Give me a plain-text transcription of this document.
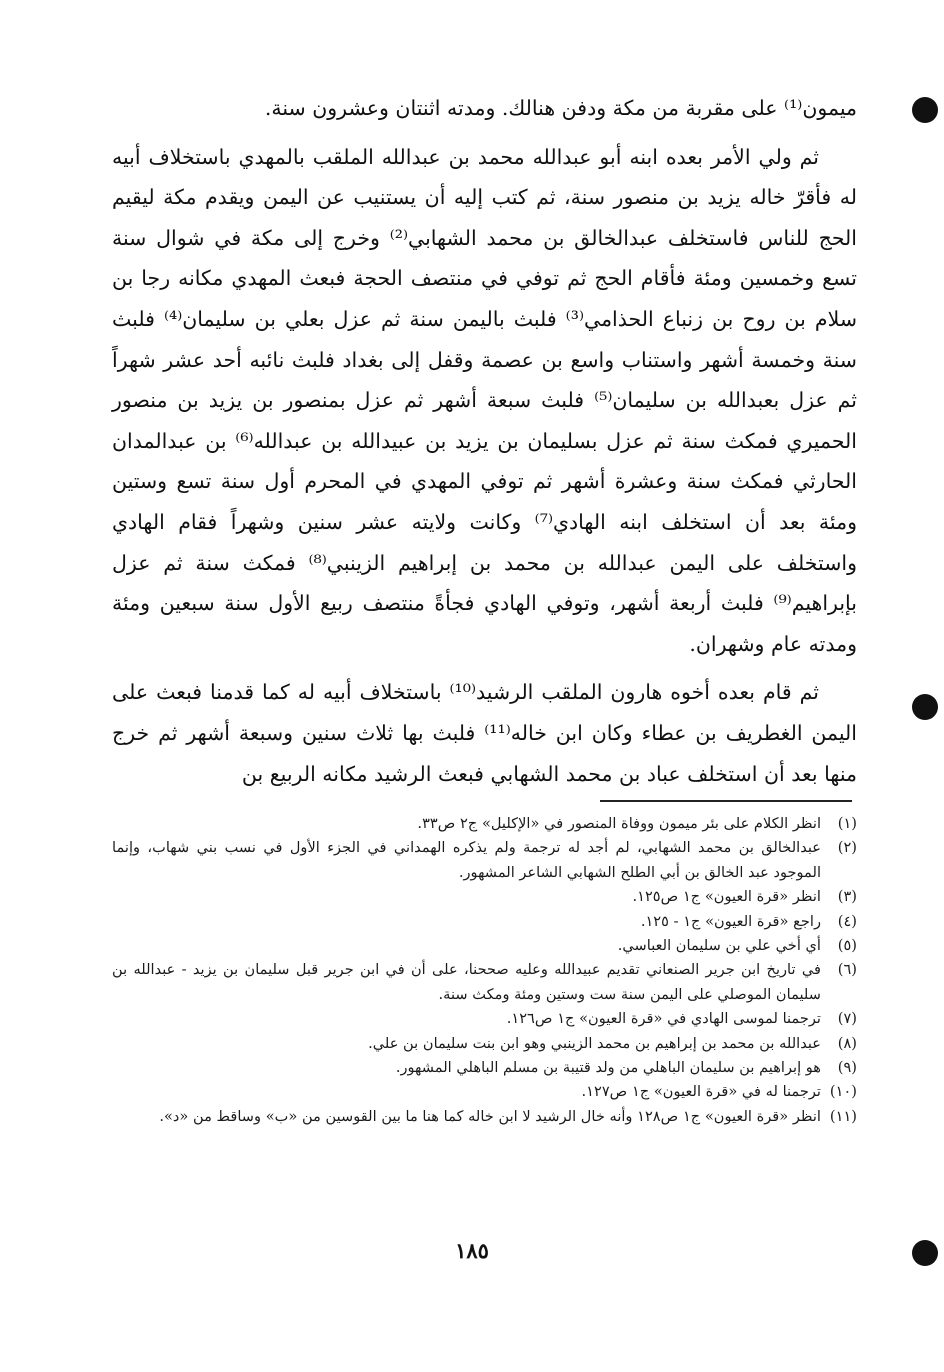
ميمون⁽¹⁾ على مقربة من مكة ودفن هنالك. ومدته اثنتان وعشرون سنة.

ثم ولي الأمر بعده ابنه أبو عبدالله محمد بن عبدالله الملقب بالمهدي باستخلاف أبيه له فأقرّ خاله يزيد بن منصور سنة، ثم كتب إليه أن يستنيب عن اليمن ويقدم مكة ليقيم الحج للناس فاستخلف عبدالخالق بن محمد الشهابي⁽²⁾ وخرج إلى مكة في شوال سنة تسع وخمسين ومئة فأقام الحج ثم توفي في منتصف الحجة فبعث المهدي مكانه رجا بن سلام بن روح بن زنباع الحذامي⁽³⁾ فلبث باليمن سنة ثم عزل بعلي بن سليمان⁽⁴⁾ فلبث سنة وخمسة أشهر واستناب واسع بن عصمة وقفل إلى بغداد فلبث نائبه أحد عشر شهراً ثم عزل بعبدالله بن سليمان⁽⁵⁾ فلبث سبعة أشهر ثم عزل بمنصور بن يزيد بن منصور الحميري فمكث سنة ثم عزل بسليمان بن يزيد بن عبيدالله بن عبدالله⁽⁶⁾ بن عبدالمدان الحارثي فمكث سنة وعشرة أشهر ثم توفي المهدي في المحرم أول سنة تسع وستين ومئة بعد أن استخلف ابنه الهادي⁽⁷⁾ وكانت ولايته عشر سنين وشهراً فقام الهادي واستخلف على اليمن عبدالله بن محمد بن إبراهيم الزينبي⁽⁸⁾ فمكث سنة ثم عزل بإبراهيم⁽⁹⁾ فلبث أربعة أشهر، وتوفي الهادي فجأةً منتصف ربيع الأول سنة سبعين ومئة ومدته عام وشهران.

ثم قام بعده أخوه هارون الملقب الرشيد⁽¹⁰⁾ باستخلاف أبيه له كما قدمنا فبعث على اليمن الغطريف بن عطاء وكان ابن خاله⁽¹¹⁾ فلبث بها ثلاث سنين وسبعة أشهر ثم خرج منها بعد أن استخلف عباد بن محمد الشهابي فبعث الرشيد مكانه الربيع بن

(١)
انظر الكلام على بئر ميمون ووفاة المنصور في «الإكليل» ج٢ ص٣٣.
(٢)
عبدالخالق بن محمد الشهابي، لم أجد له ترجمة ولم يذكره الهمداني في الجزء الأول في نسب بني شهاب، وإنما الموجود عبد الخالق بن أبي الطلح الشهابي الشاعر المشهور.
(٣)
انظر «قرة العيون» ج١ ص١٢٥.
(٤)
راجع «قرة العيون» ج١ - ١٢٥.
(٥)
أي أخي علي بن سليمان العباسي.
(٦)
في تاريخ ابن جرير الصنعاني تقديم عبيدالله وعليه صححنا، على أن في ابن جرير قبل سليمان بن يزيد - عبدالله بن سليمان الموصلي على اليمن سنة ست وستين ومئة ومكث سنة.
(٧)
ترجمنا لموسى الهادي في «قرة العيون» ج١ ص١٢٦.
(٨)
عبدالله بن محمد بن إبراهيم بن محمد الزينبي وهو ابن بنت سليمان بن علي.
(٩)
هو إبراهيم بن سليمان الباهلي من ولد قتيبة بن مسلم الباهلي المشهور.
(١٠)
ترجمنا له في «قرة العيون» ج١ ص١٢٧.
(١١)
انظر «قرة العيون» ج١ ص١٢٨ وأنه خال الرشيد لا ابن خاله كما هنا ما بين القوسين من «ب» وساقط من «د».
١٨٥
